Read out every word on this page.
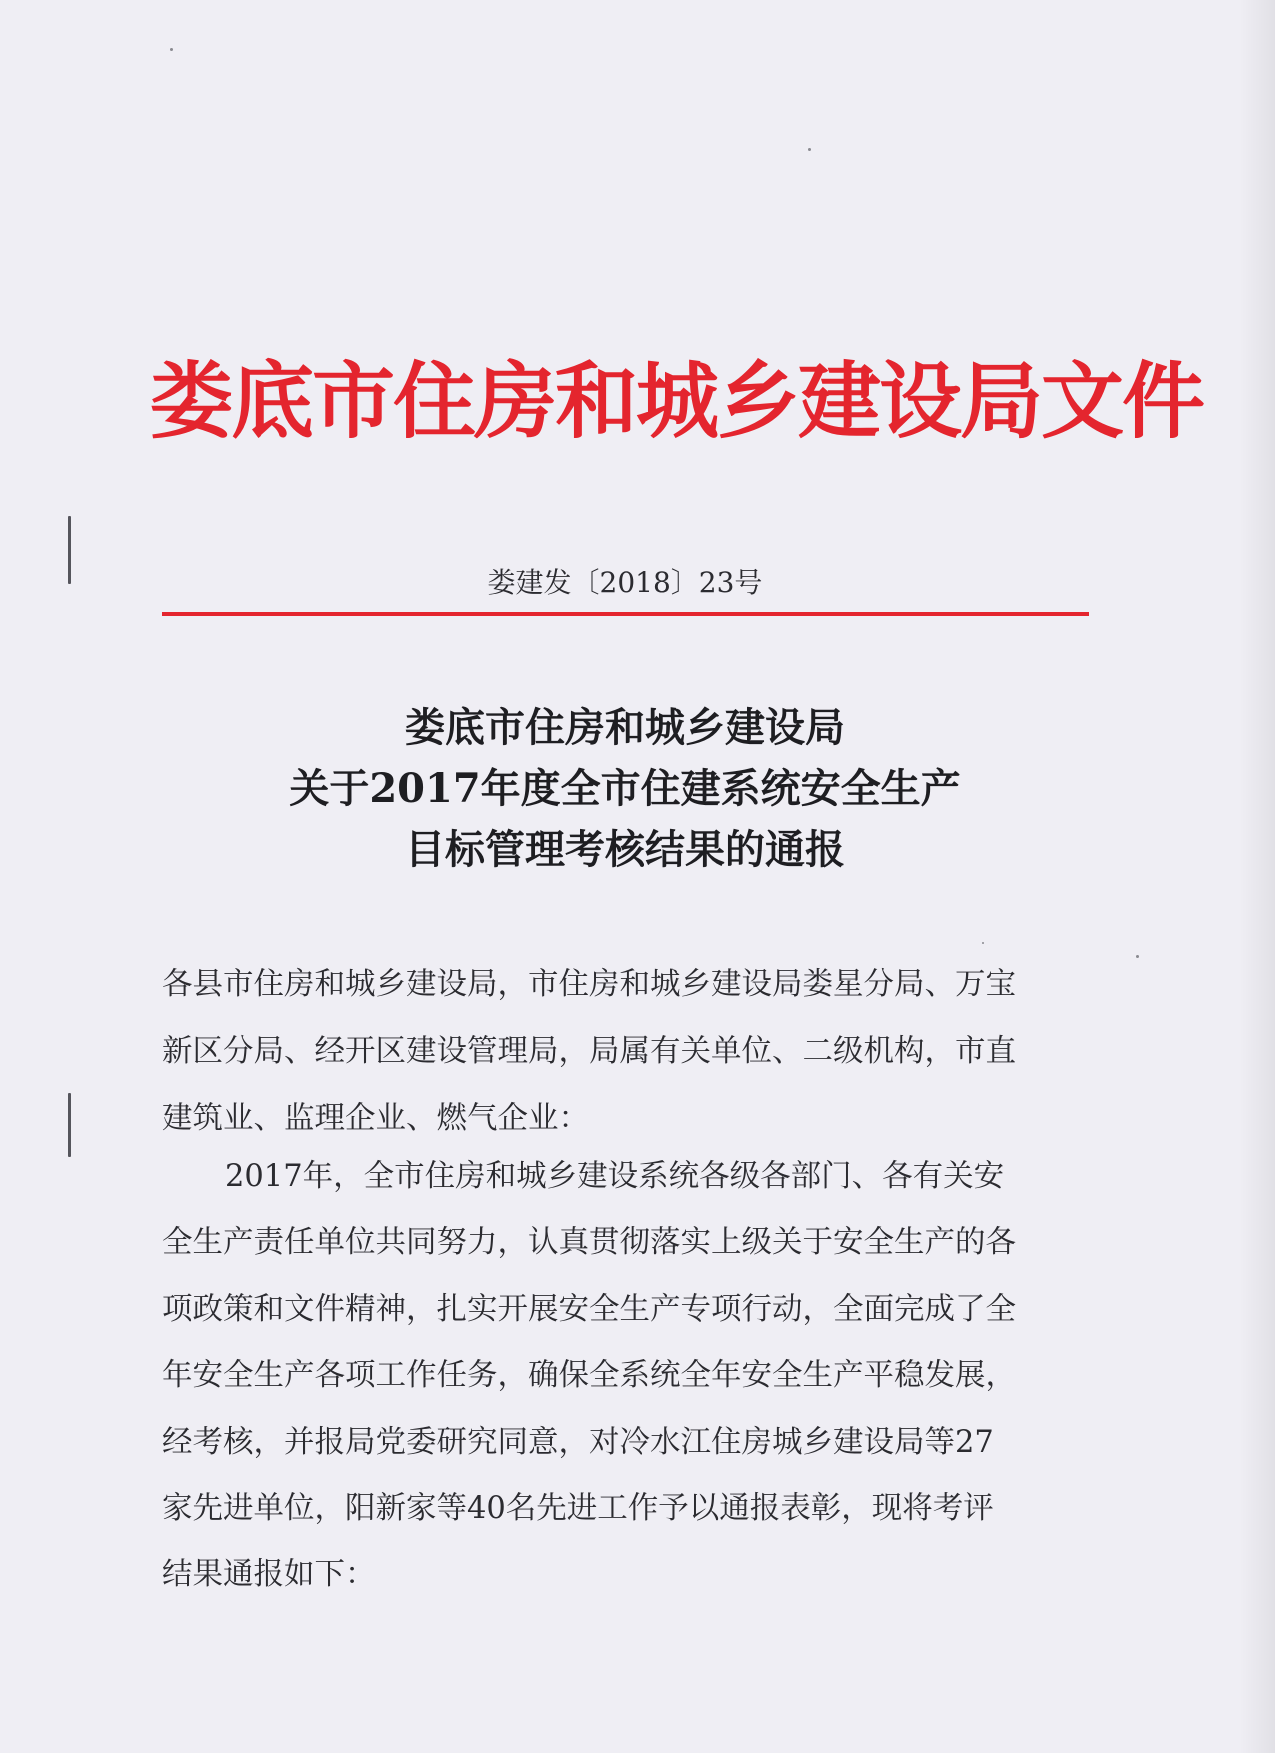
娄底市住房和城乡建设局文件
娄建发〔2018〕23号
娄底市住房和城乡建设局
关于2017年度全市住建系统安全生产
目标管理考核结果的通报
各县市住房和城乡建设局，市住房和城乡建设局娄星分局、万宝
新区分局、经开区建设管理局，局属有关单位、二级机构，市直
建筑业、监理企业、燃气企业：
2017年，全市住房和城乡建设系统各级各部门、各有关安
全生产责任单位共同努力，认真贯彻落实上级关于安全生产的各
项政策和文件精神，扎实开展安全生产专项行动，全面完成了全
年安全生产各项工作任务，确保全系统全年安全生产平稳发展，
经考核，并报局党委研究同意，对冷水江住房城乡建设局等27
家先进单位，阳新家等40名先进工作予以通报表彰，现将考评
结果通报如下：
